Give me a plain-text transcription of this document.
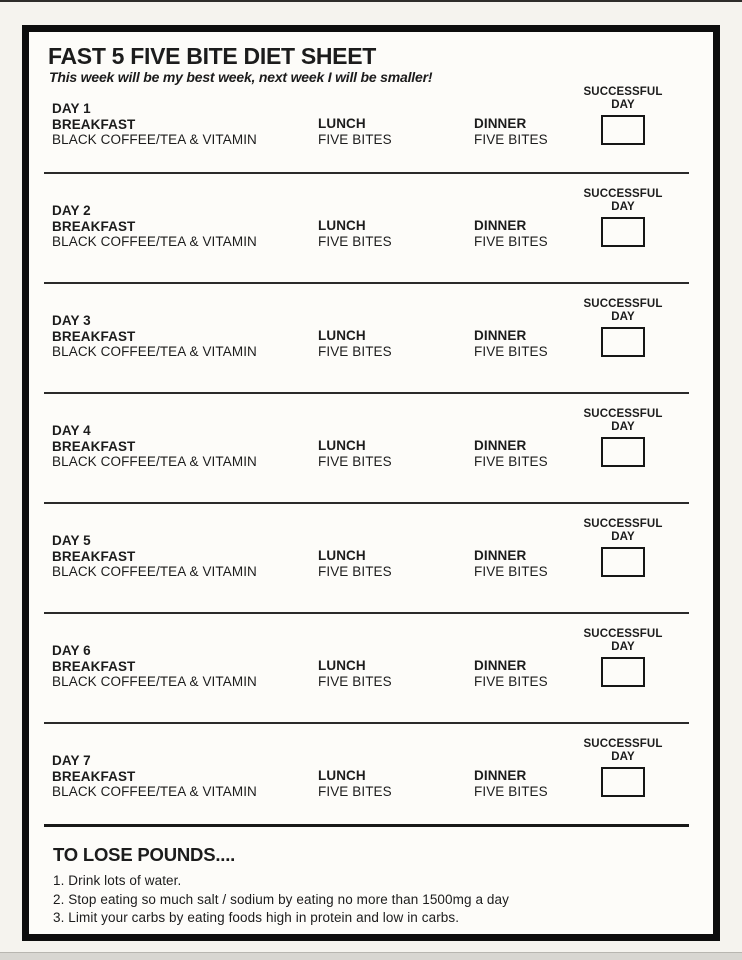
FAST 5 FIVE BITE DIET SHEET
This week will be my best week, next week I will be smaller!
DAY 1
BREAKFAST
BLACK COFFEE/TEA & VITAMIN
LUNCH
FIVE BITES
DINNER
FIVE BITES
SUCCESSFUL
DAY
DAY 2
BREAKFAST
BLACK COFFEE/TEA & VITAMIN
LUNCH
FIVE BITES
DINNER
FIVE BITES
SUCCESSFUL
DAY
DAY 3
BREAKFAST
BLACK COFFEE/TEA & VITAMIN
LUNCH
FIVE BITES
DINNER
FIVE BITES
SUCCESSFUL
DAY
DAY 4
BREAKFAST
BLACK COFFEE/TEA & VITAMIN
LUNCH
FIVE BITES
DINNER
FIVE BITES
SUCCESSFUL
DAY
DAY 5
BREAKFAST
BLACK COFFEE/TEA & VITAMIN
LUNCH
FIVE BITES
DINNER
FIVE BITES
SUCCESSFUL
DAY
DAY 6
BREAKFAST
BLACK COFFEE/TEA & VITAMIN
LUNCH
FIVE BITES
DINNER
FIVE BITES
SUCCESSFUL
DAY
DAY 7
BREAKFAST
BLACK COFFEE/TEA & VITAMIN
LUNCH
FIVE BITES
DINNER
FIVE BITES
SUCCESSFUL
DAY
TO LOSE POUNDS....
1. Drink lots of water.
2. Stop eating so much salt / sodium by eating no more than 1500mg a day
3. Limit your carbs by eating foods high in protein and low in carbs.
